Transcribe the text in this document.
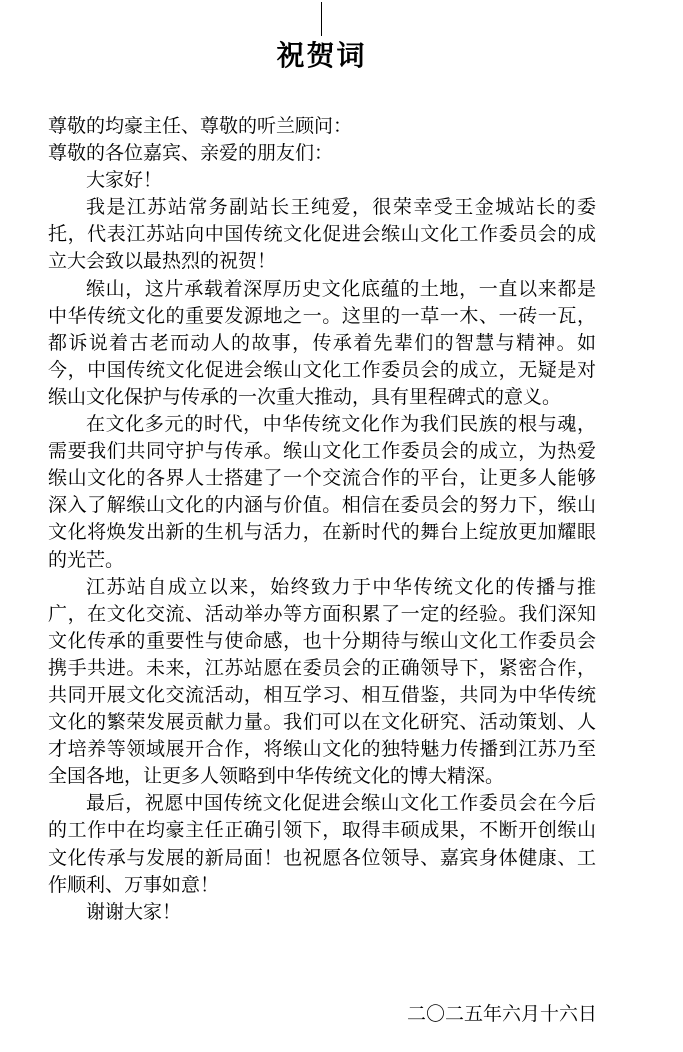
祝贺词

尊敬的均豪主任、尊敬的听兰顾问：

尊敬的各位嘉宾、亲爱的朋友们：

大家好！

我是江苏站常务副站长王纯爱，很荣幸受王金城站长的委托，代表江苏站向中国传统文化促进会缑山文化工作委员会的成立大会致以最热烈的祝贺！

缑山，这片承载着深厚历史文化底蕴的土地，一直以来都是中华传统文化的重要发源地之一。这里的一草一木、一砖一瓦，都诉说着古老而动人的故事，传承着先辈们的智慧与精神。如今，中国传统文化促进会缑山文化工作委员会的成立，无疑是对缑山文化保护与传承的一次重大推动，具有里程碑式的意义。

在文化多元的时代，中华传统文化作为我们民族的根与魂，需要我们共同守护与传承。缑山文化工作委员会的成立，为热爱缑山文化的各界人士搭建了一个交流合作的平台，让更多人能够深入了解缑山文化的内涵与价值。相信在委员会的努力下，缑山文化将焕发出新的生机与活力，在新时代的舞台上绽放更加耀眼的光芒。

江苏站自成立以来，始终致力于中华传统文化的传播与推广，在文化交流、活动举办等方面积累了一定的经验。我们深知文化传承的重要性与使命感，也十分期待与缑山文化工作委员会携手共进。未来，江苏站愿在委员会的正确领导下，紧密合作，共同开展文化交流活动，相互学习、相互借鉴，共同为中华传统文化的繁荣发展贡献力量。我们可以在文化研究、活动策划、人才培养等领域展开合作，将缑山文化的独特魅力传播到江苏乃至全国各地，让更多人领略到中华传统文化的博大精深。

最后，祝愿中国传统文化促进会缑山文化工作委员会在今后的工作中在均豪主任正确引领下，取得丰硕成果，不断开创缑山文化传承与发展的新局面！也祝愿各位领导、嘉宾身体健康、工作顺利、万事如意！

谢谢大家！

二〇二五年六月十六日
